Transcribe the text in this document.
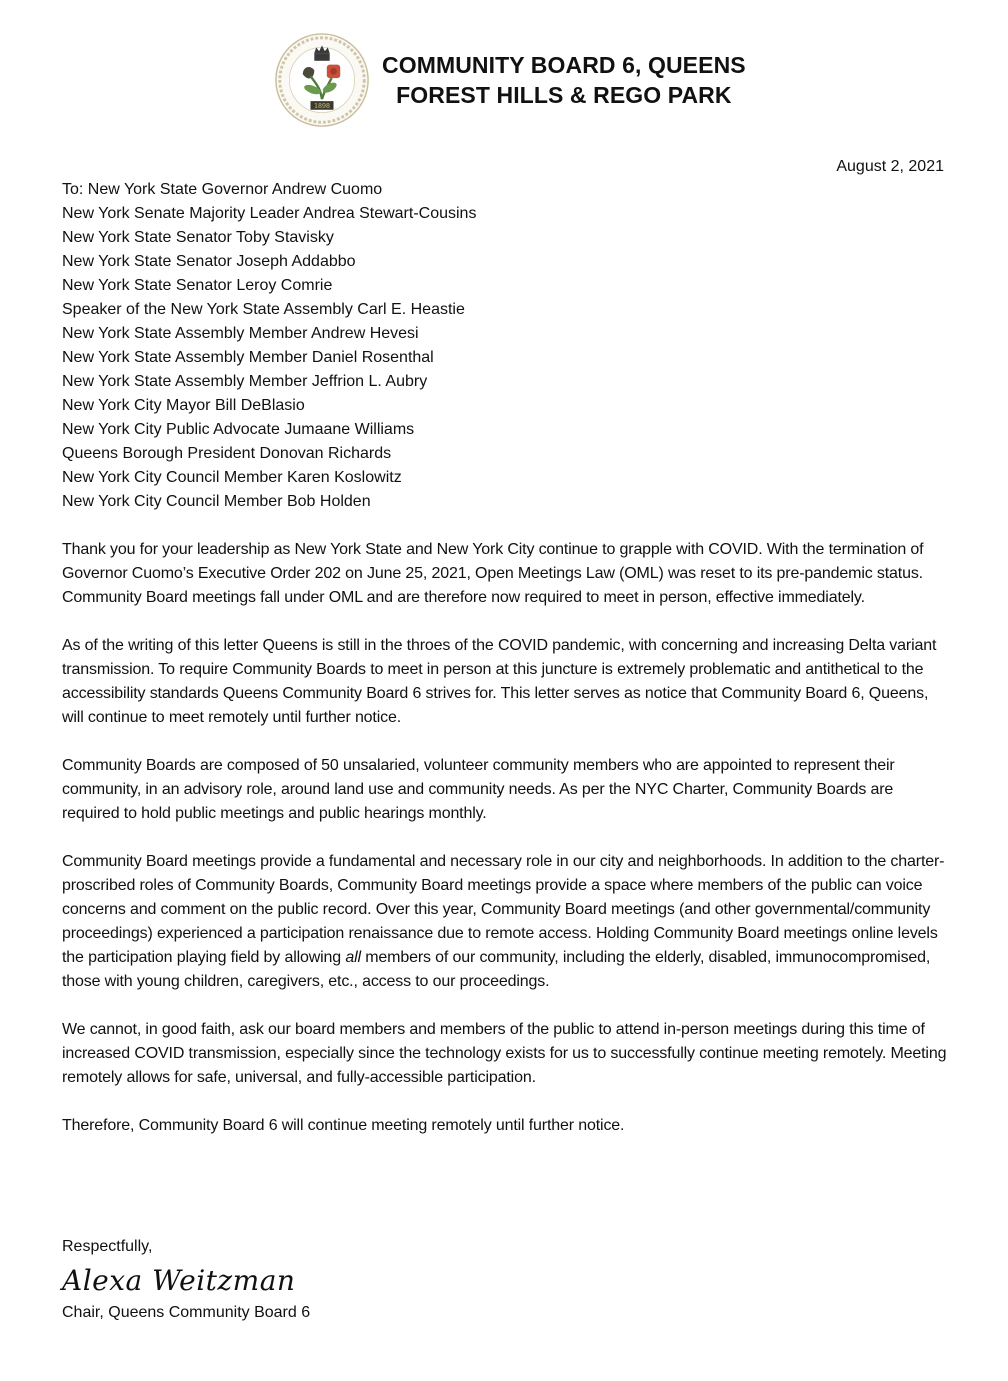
1898
COMMUNITY BOARD 6, QUEENS
FOREST HILLS & REGO PARK
August 2, 2021
To: New York State Governor Andrew Cuomo
New York Senate Majority Leader Andrea Stewart-Cousins
New York State Senator Toby Stavisky
New York State Senator Joseph Addabbo
New York State Senator Leroy Comrie
Speaker of the New York State Assembly Carl E. Heastie
New York State Assembly Member Andrew Hevesi
New York State Assembly Member Daniel Rosenthal
New York State Assembly Member Jeffrion L. Aubry
New York City Mayor Bill DeBlasio
New York City Public Advocate Jumaane Williams
Queens Borough President Donovan Richards
New York City Council Member Karen Koslowitz
New York City Council Member Bob Holden

Thank you for your leadership as New York State and New York City continue to grapple with COVID. With the termination of Governor Cuomo’s Executive Order 202 on June 25, 2021, Open Meetings Law (OML) was reset to its pre-pandemic status. Community Board meetings fall under OML and are therefore now required to meet in person, effective immediately.

As of the writing of this letter Queens is still in the throes of the COVID pandemic, with concerning and increasing Delta variant transmission. To require Community Boards to meet in person at this juncture is extremely problematic and antithetical to the accessibility standards Queens Community Board 6 strives for. This letter serves as notice that Community Board 6, Queens, will continue to meet remotely until further notice.

Community Boards are composed of 50 unsalaried, volunteer community members who are appointed to represent their community, in an advisory role, around land use and community needs. As per the NYC Charter, Community Boards are required to hold public meetings and public hearings monthly.

Community Board meetings provide a fundamental and necessary role in our city and neighborhoods. In addition to the charter-proscribed roles of Community Boards, Community Board meetings provide a space where members of the public can voice concerns and comment on the public record. Over this year, Community Board meetings (and other governmental/community proceedings) experienced a participation renaissance due to remote access. Holding Community Board meetings online levels the participation playing field by allowing all members of our community, including the elderly, disabled, immunocompromised, those with young children, caregivers, etc., access to our proceedings.

We cannot, in good faith, ask our board members and members of the public to attend in-person meetings during this time of increased COVID transmission, especially since the technology exists for us to successfully continue meeting remotely. Meeting remotely allows for safe, universal, and fully-accessible participation.

Therefore, Community Board 6 will continue meeting remotely until further notice.

Respectfully,
Alexa Weitzman
Chair, Queens Community Board 6
